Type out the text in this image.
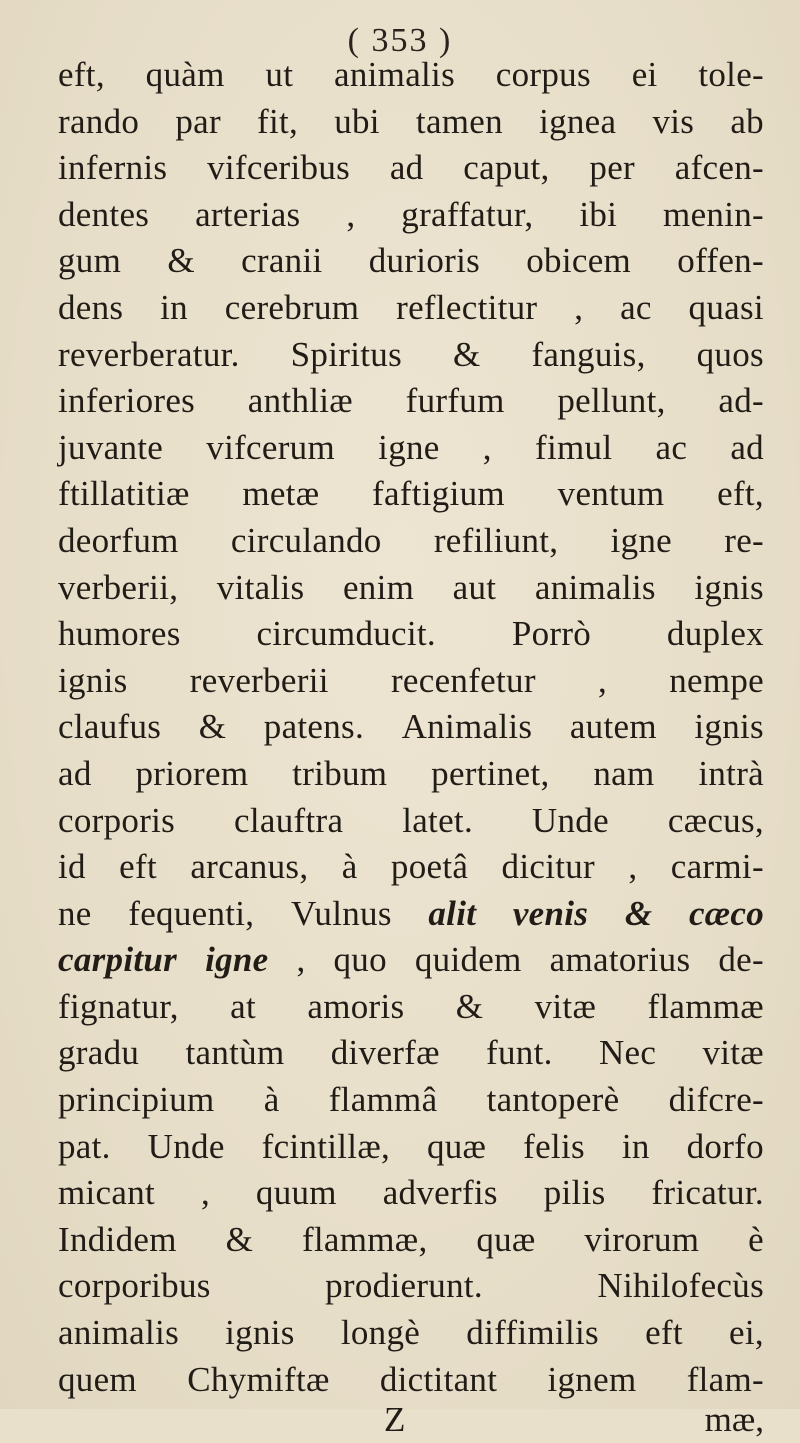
( 353 )
eft, quàm ut animalis corpus ei tole-
rando par fit, ubi tamen ignea vis ab
infernis vifceribus ad caput, per afcen-
dentes arterias , graffatur, ibi menin-
gum & cranii durioris obicem offen-
dens in cerebrum reflectitur , ac quasi
reverberatur. Spiritus & fanguis, quos
inferiores anthliæ furfum pellunt, ad-
juvante vifcerum igne , fimul ac ad
ftillatitiæ metæ faftigium ventum eft,
deorfum circulando refiliunt, igne re-
verberii, vitalis enim aut animalis ignis
humores circumducit. Porrò duplex
ignis reverberii recenfetur , nempe
claufus & patens. Animalis autem ignis
ad priorem tribum pertinet, nam intrà
corporis clauftra latet. Unde cæcus,
id eft arcanus, à poetâ dicitur , carmi-
ne fequenti, Vulnus alit venis & cæco
carpitur igne , quo quidem amatorius de-
fignatur, at amoris & vitæ flammæ
gradu tantùm diverfæ funt. Nec vitæ
principium à flammâ tantoperè difcre-
pat. Unde fcintillæ, quæ felis in dorfo
micant , quum adverfis pilis fricatur.
Indidem & flammæ, quæ virorum è
corporibus	prodierunt.	Nihilofecùs
animalis ignis longè diffimilis eft ei,
quem Chymiftæ dictitant ignem flam-
Z	mæ,
